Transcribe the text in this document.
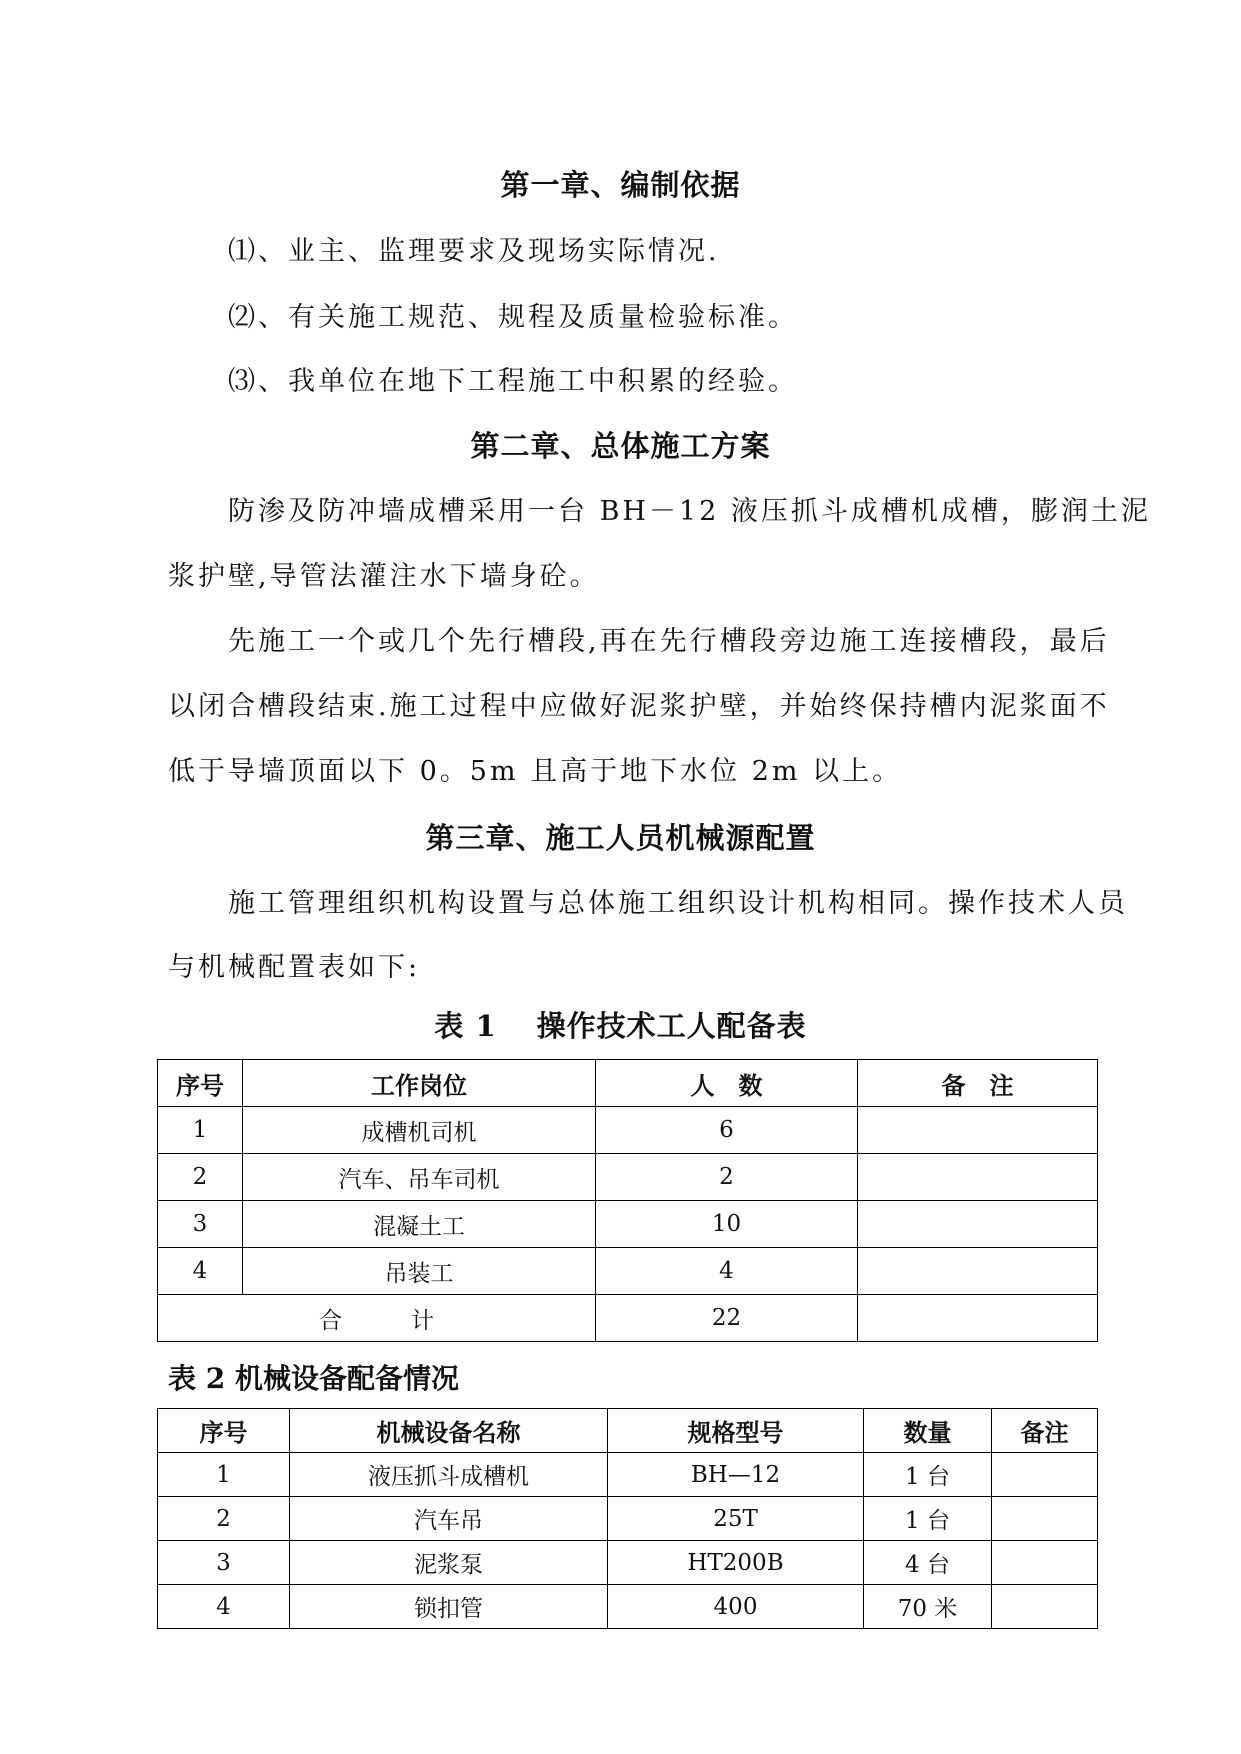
第一章、编制依据
⑴、业主、监理要求及现场实际情况.
⑵、有关施工规范、规程及质量检验标准。
⑶、我单位在地下工程施工中积累的经验。
第二章、总体施工方案
防渗及防冲墙成槽采用一台 BH－12 液压抓斗成槽机成槽，膨润土泥
浆护壁,导管法灌注水下墙身砼。
先施工一个或几个先行槽段,再在先行槽段旁边施工连接槽段，最后
以闭合槽段结束.施工过程中应做好泥浆护壁，并始终保持槽内泥浆面不
低于导墙顶面以下 0。5m 且高于地下水位 2m 以上。
第三章、施工人员机械源配置
施工管理组织机构设置与总体施工组织设计机构相同。操作技术人员
与机械配置表如下:
表 1 操作技术工人配备表
序号	工作岗位	人　数	备　注
1	成槽机司机	6	
2	汽车、吊车司机	2	
3	混凝土工	10	
4	吊装工	4	
合　　　计		22	
表 2 机械设备配备情况
序号	机械设备名称	规格型号	数量	备注
1	液压抓斗成槽机	BH—12	1 台	
2	汽车吊	25T	1 台	
3	泥浆泵	HT200B	4 台	
4	锁扣管	400	70 米	
